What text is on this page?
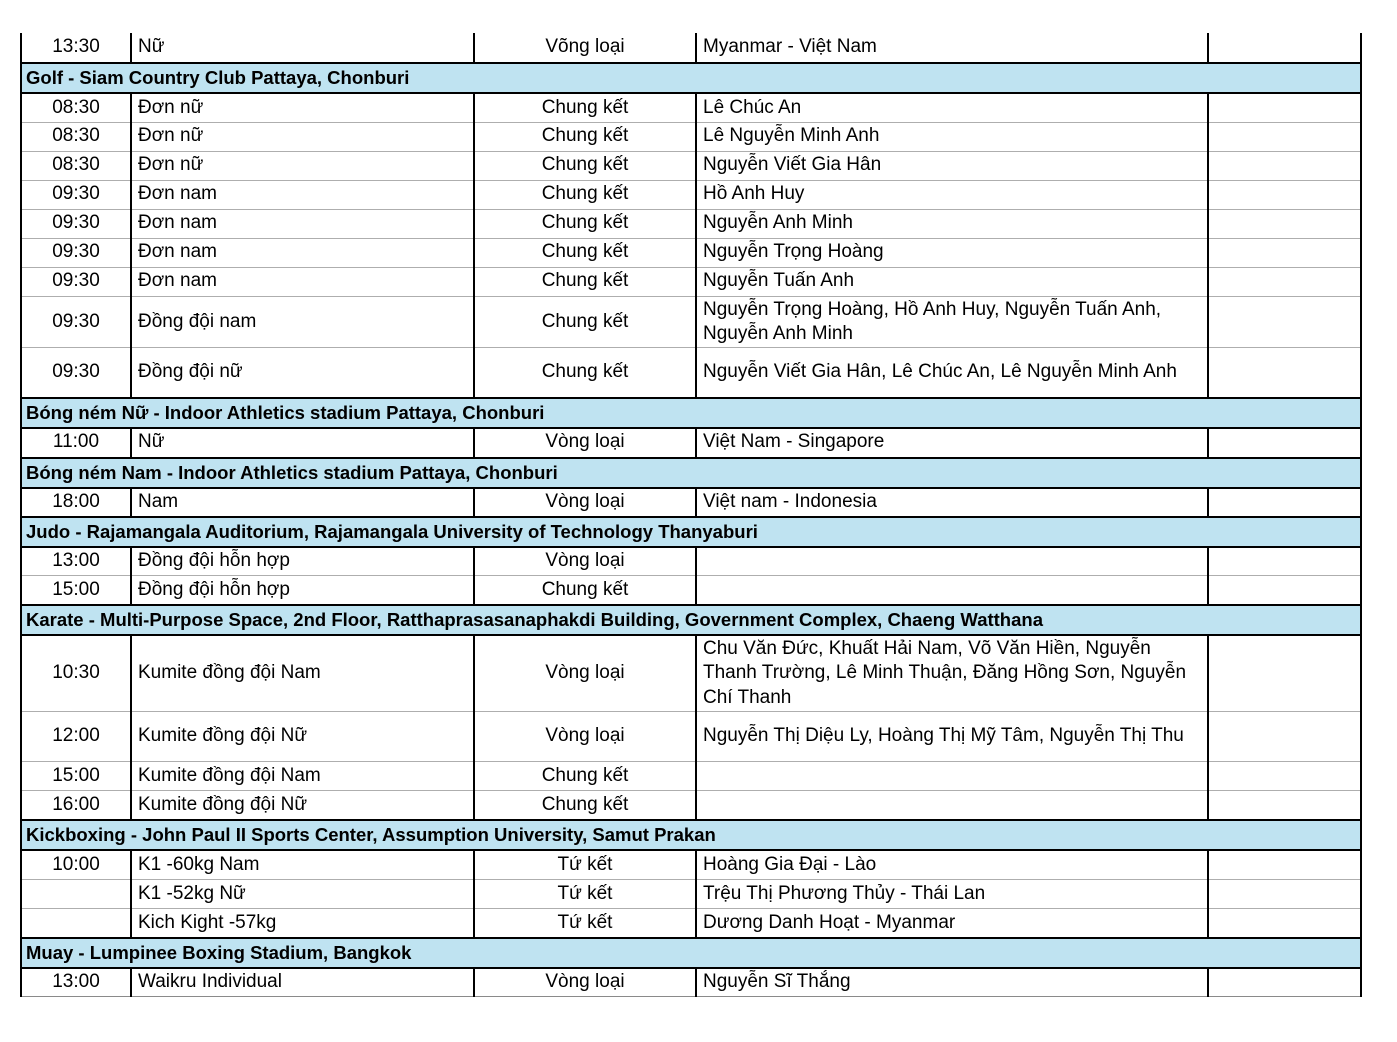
13:30	Nữ	Võng loại	Myanmar - Việt Nam	
Golf - Siam Country Club Pattaya, Chonburi				
08:30	Đơn nữ	Chung kết	Lê Chúc An	
08:30	Đơn nữ	Chung kết	Lê Nguyễn Minh Anh	
08:30	Đơn nữ	Chung kết	Nguyễn Viết Gia Hân	
09:30	Đơn nam	Chung kết	Hồ Anh Huy	
09:30	Đơn nam	Chung kết	Nguyễn Anh Minh	
09:30	Đơn nam	Chung kết	Nguyễn Trọng Hoàng	
09:30	Đơn nam	Chung kết	Nguyễn Tuấn Anh	
09:30	Đồng đội nam	Chung kết	Nguyễn Trọng Hoàng, Hồ Anh Huy, Nguyễn Tuấn Anh, Nguyễn Anh Minh	
09:30	Đồng đội nữ	Chung kết	Nguyễn Viết Gia Hân, Lê Chúc An, Lê Nguyễn Minh Anh	
Bóng ném Nữ - Indoor Athletics stadium Pattaya, Chonburi				
11:00	Nữ	Vòng loại	Việt Nam - Singapore	
Bóng ném Nam - Indoor Athletics stadium Pattaya, Chonburi				
18:00	Nam	Vòng loại	Việt nam - Indonesia	
Judo - Rajamangala Auditorium, Rajamangala University of Technology Thanyaburi				
13:00	Đồng đội hỗn hợp	Vòng loại		
15:00	Đồng đội hỗn hợp	Chung kết		
Karate - Multi-Purpose Space, 2nd Floor, Ratthaprasasanaphakdi Building, Government Complex, Chaeng Watthana				
10:30	Kumite đồng đội Nam	Vòng loại	Chu Văn Đức, Khuất Hải Nam, Võ Văn Hiền, Nguyễn Thanh Trường, Lê Minh Thuận, Đăng Hồng Sơn, Nguyễn Chí Thanh	
12:00	Kumite đồng đội Nữ	Vòng loại	Nguyễn Thị Diệu Ly, Hoàng Thị Mỹ Tâm, Nguyễn Thị Thu	
15:00	Kumite đồng đội Nam	Chung kết		
16:00	Kumite đồng đội Nữ	Chung kết		
Kickboxing - John Paul II Sports Center, Assumption University, Samut Prakan				
10:00	K1 -60kg Nam	Tứ kết	Hoàng Gia Đại - Lào	
	K1 -52kg Nữ	Tứ kết	Trệu Thị Phương Thủy - Thái Lan	
	Kich Kight -57kg	Tứ kết	Dương Danh Hoạt - Myanmar	
Muay - Lumpinee Boxing Stadium, Bangkok				
13:00	Waikru Individual	Vòng loại	Nguyễn Sĩ Thắng	
